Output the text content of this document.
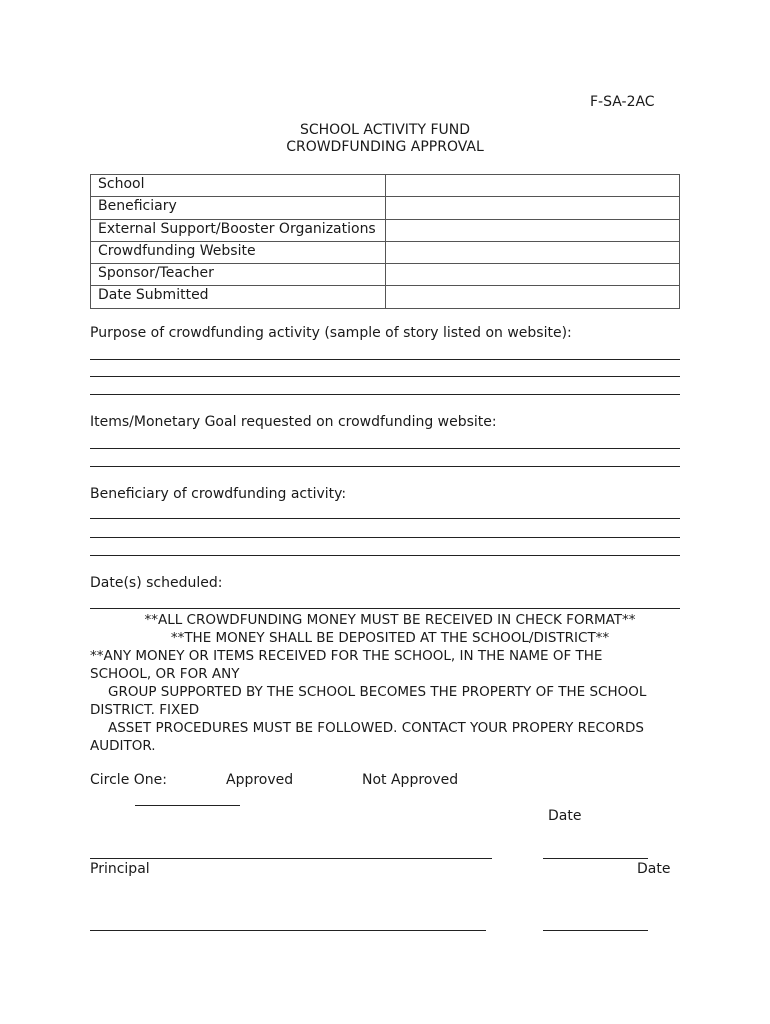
F-SA-2AC
SCHOOL ACTIVITY FUND
CROWDFUNDING APPROVAL
School	
Beneficiary	
External Support/Booster Organizations	
Crowdfunding Website	
Sponsor/Teacher	
Date Submitted	
Purpose of crowdfunding activity (sample of story listed on website):
Items/Monetary Goal requested on crowdfunding website:
Beneficiary of crowdfunding activity:
Date(s) scheduled:
**ALL CROWDFUNDING MONEY MUST BE RECEIVED IN CHECK FORMAT**
**THE MONEY SHALL BE DEPOSITED AT THE SCHOOL/DISTRICT**
**ANY MONEY OR ITEMS RECEIVED FOR THE SCHOOL, IN THE NAME OF THE
SCHOOL, OR FOR ANY
GROUP SUPPORTED BY THE SCHOOL BECOMES THE PROPERTY OF THE SCHOOL
DISTRICT. FIXED
ASSET PROCEDURES MUST BE FOLLOWED. CONTACT YOUR PROPERY RECORDS
AUDITOR.
Circle One:	Approved	Not Approved
Date
Principal	Date
